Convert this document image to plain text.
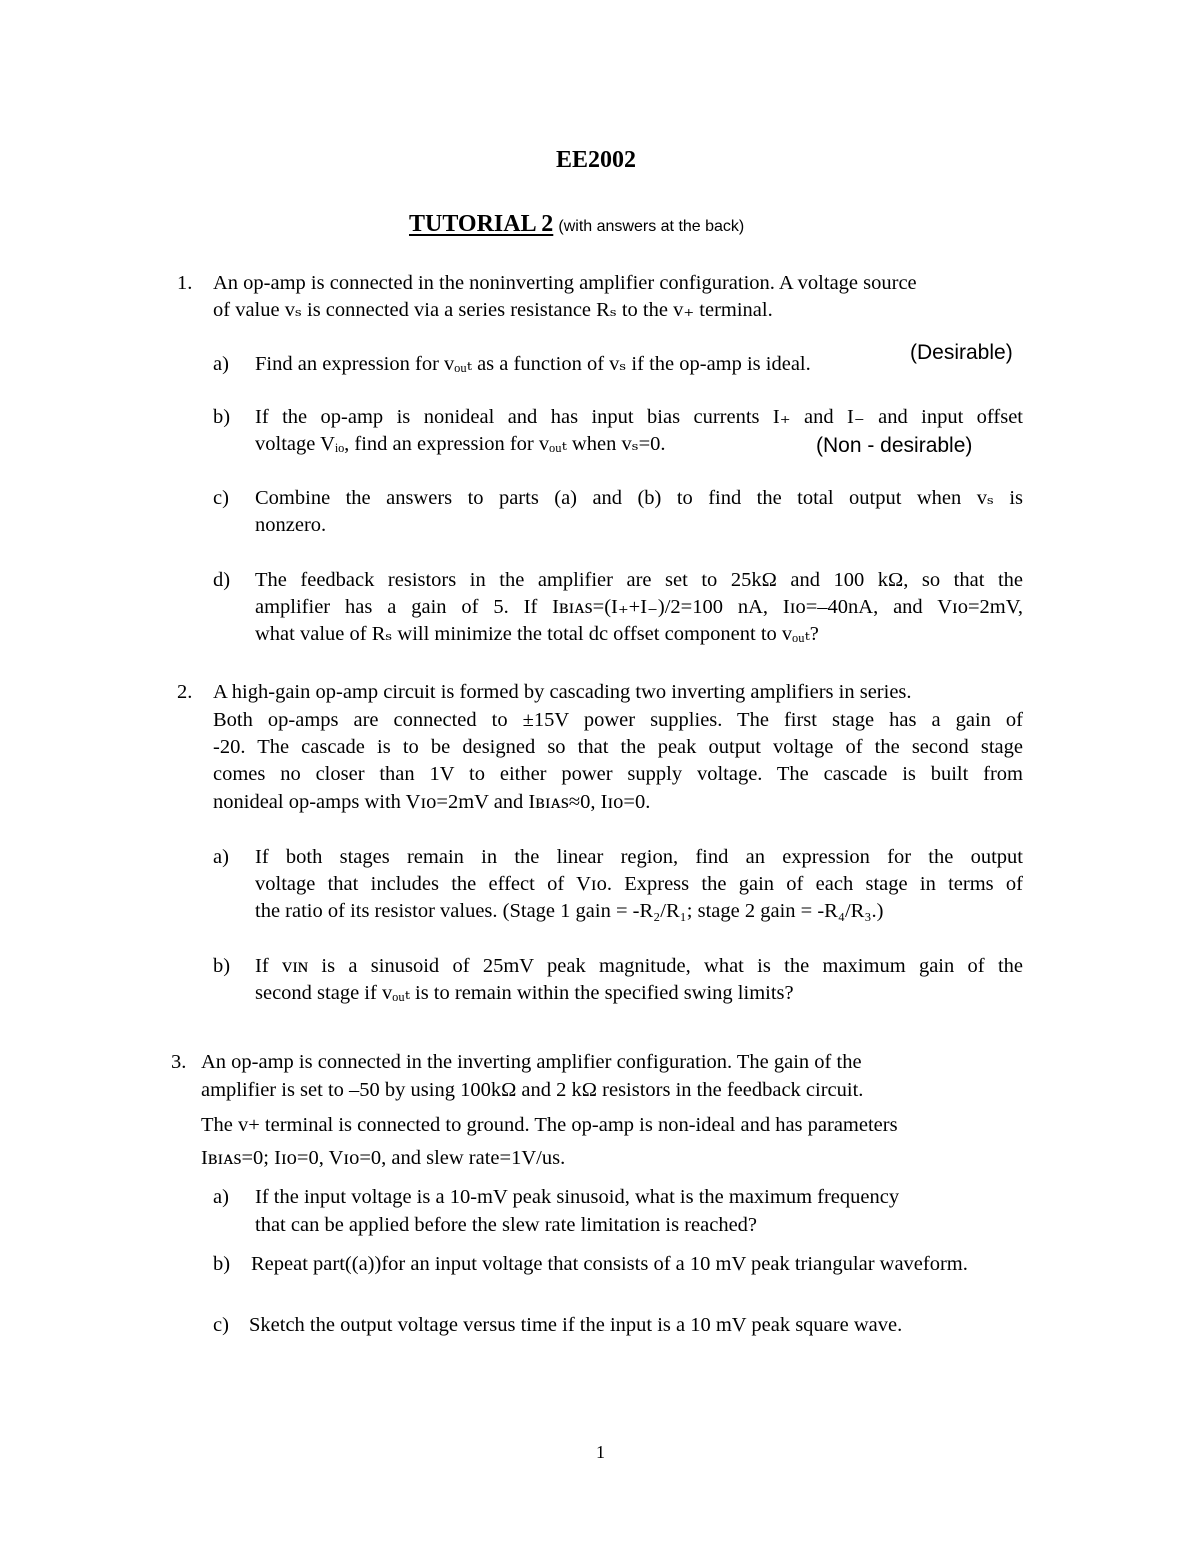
EE2002
TUTORIAL 2 (with answers at the back)
1. An op-amp is connected in the noninverting amplifier configuration. A voltage source
of value vₛ is connected via a series resistance Rₛ to the v₊ terminal.
a) Find an expression for vₒᵤₜ as a function of vₛ if the op-amp is ideal.	(Desirable)
b) If the op-amp is nonideal and has input bias currents I₊ and I₋ and input offset
voltage Vᵢₒ, find an expression for vₒᵤₜ when vₛ=0.	(Non - desirable)
c) Combine the answers to parts (a) and (b) to find the total output when vₛ is
nonzero.
d) The feedback resistors in the amplifier are set to 25kΩ and 100 kΩ, so that the
amplifier has a gain of 5. If Iʙɪᴀѕ=(I₊+I₋)/2=100 nA, Iɪᴏ=–40nA, and Vɪᴏ=2mV,
what value of Rₛ will minimize the total dc offset component to vₒᵤₜ?
2. A high-gain op-amp circuit is formed by cascading two inverting amplifiers in series.
Both op-amps are connected to ±15V power supplies. The first stage has a gain of
-20. The cascade is to be designed so that the peak output voltage of the second stage
comes no closer than 1V to either power supply voltage. The cascade is built from
nonideal op-amps with Vɪᴏ=2mV and Iʙɪᴀѕ≈0, Iɪᴏ=0.
a) If both stages remain in the linear region, find an expression for the output
voltage that includes the effect of Vɪᴏ. Express the gain of each stage in terms of
the ratio of its resistor values. (Stage 1 gain = -R₂/R₁; stage 2 gain = -R₄/R₃.)
b) If vɪɴ is a sinusoid of 25mV peak magnitude, what is the maximum gain of the
second stage if vₒᵤₜ is to remain within the specified swing limits?
3. An op-amp is connected in the inverting amplifier configuration. The gain of the
amplifier is set to –50 by using 100kΩ and 2 kΩ resistors in the feedback circuit.
The v+ terminal is connected to ground. The op-amp is non-ideal and has parameters
Iʙɪᴀѕ=0; Iɪᴏ=0, Vɪᴏ=0, and slew rate=1V/us.
a) If the input voltage is a 10-mV peak sinusoid, what is the maximum frequency
that can be applied before the slew rate limitation is reached?
b) Repeat part((a))for an input voltage that consists of a 10 mV peak triangular waveform.
c) Sketch the output voltage versus time if the input is a 10 mV peak square wave.
1
